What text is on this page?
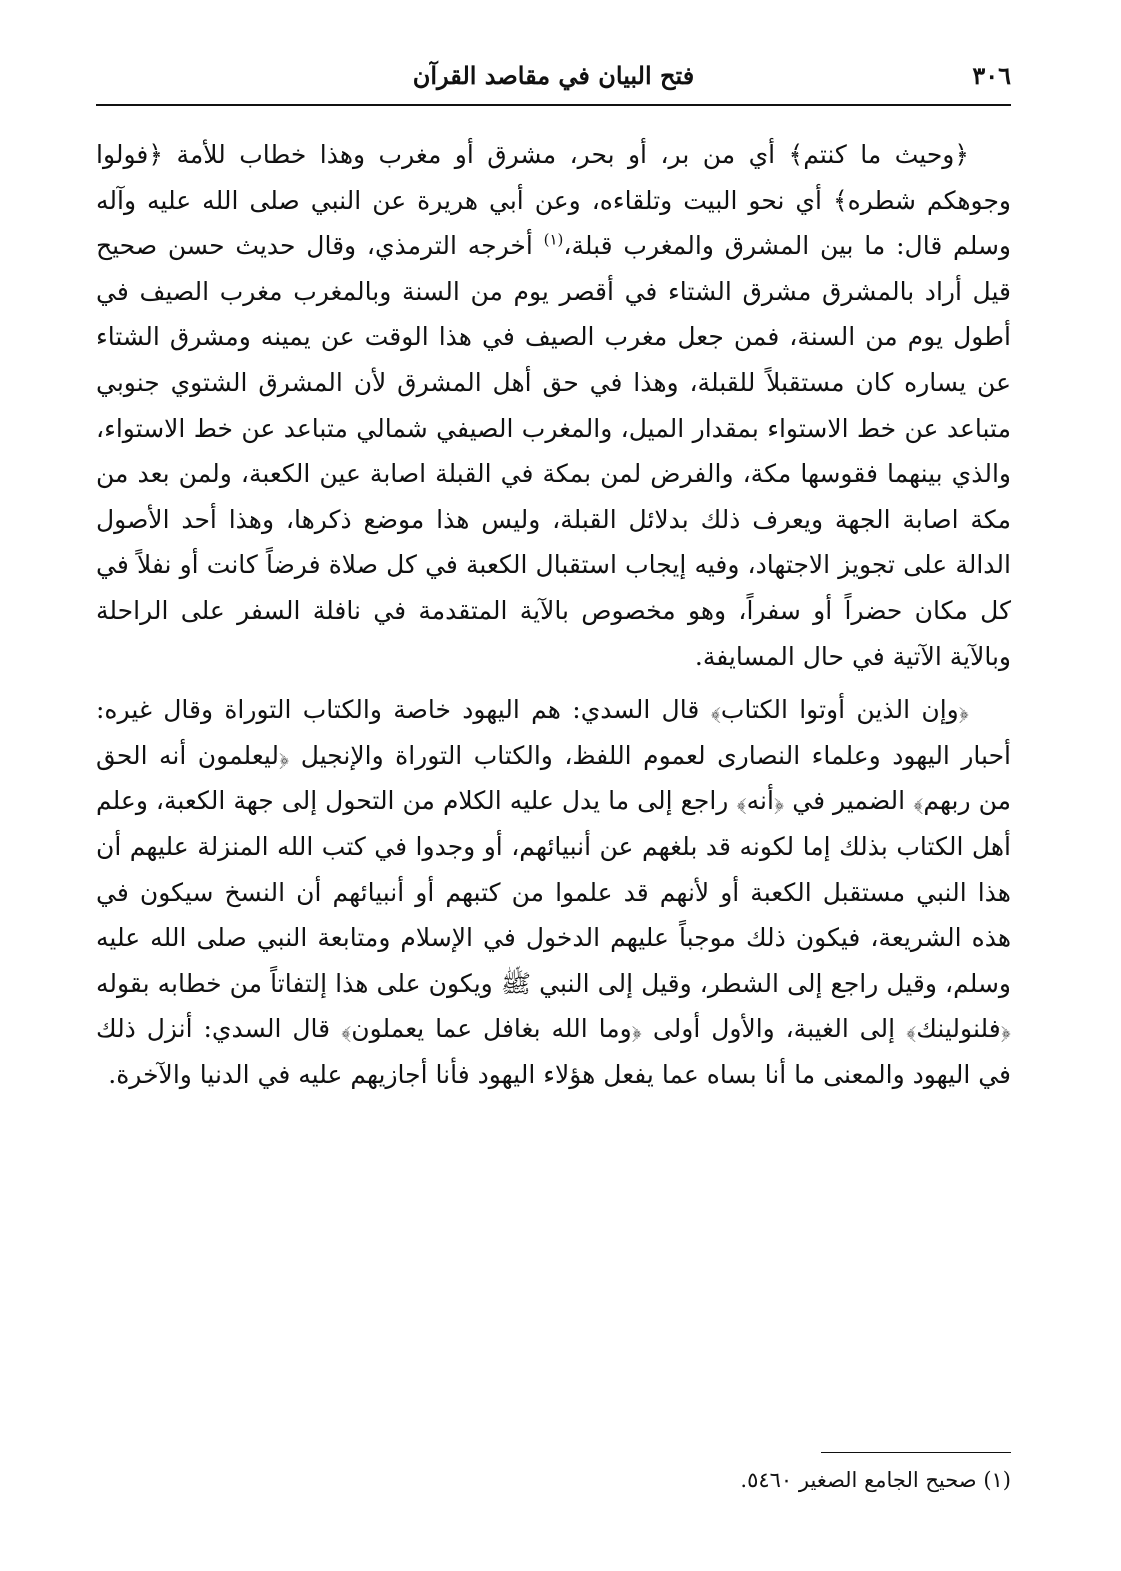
٣٠٦
فتح البيان في مقاصد القرآن

﴿وحيث ما كنتم﴾ أي من بر، أو بحر، مشرق أو مغرب وهذا خطاب للأمة ﴿فولوا وجوهكم شطره﴾ أي نحو البيت وتلقاءه، وعن أبي هريرة عن النبي صلى الله عليه وآله وسلم قال: ما بين المشرق والمغرب قبلة،$^{(١)}$ أخرجه الترمذي، وقال حديث حسن صحيح قيل أراد بالمشرق مشرق الشتاء في أقصر يوم من السنة وبالمغرب مغرب الصيف في أطول يوم من السنة، فمن جعل مغرب الصيف في هذا الوقت عن يمينه ومشرق الشتاء عن يساره كان مستقبلاً للقبلة، وهذا في حق أهل المشرق لأن المشرق الشتوي جنوبي متباعد عن خط الاستواء بمقدار الميل، والمغرب الصيفي شمالي متباعد عن خط الاستواء، والذي بينهما فقوسها مكة، والفرض لمن بمكة في القبلة اصابة عين الكعبة، ولمن بعد من مكة اصابة الجهة ويعرف ذلك بدلائل القبلة، وليس هذا موضع ذكرها، وهذا أحد الأصول الدالة على تجويز الاجتهاد، وفيه إيجاب استقبال الكعبة في كل صلاة فرضاً كانت أو نفلاً في كل مكان حضراً أو سفراً، وهو مخصوص بالآية المتقدمة في نافلة السفر على الراحلة وبالآية الآتية في حال المسايفة.

﴿وإن الذين أوتوا الكتاب﴾ قال السدي: هم اليهود خاصة والكتاب التوراة وقال غيره: أحبار اليهود وعلماء النصارى لعموم اللفظ، والكتاب التوراة والإنجيل ﴿ليعلمون أنه الحق من ربهم﴾ الضمير في ﴿أنه﴾ راجع إلى ما يدل عليه الكلام من التحول إلى جهة الكعبة، وعلم أهل الكتاب بذلك إما لكونه قد بلغهم عن أنبيائهم، أو وجدوا في كتب الله المنزلة عليهم أن هذا النبي مستقبل الكعبة أو لأنهم قد علموا من كتبهم أو أنبيائهم أن النسخ سيكون في هذه الشريعة، فيكون ذلك موجباً عليهم الدخول في الإسلام ومتابعة النبي صلى الله عليه وسلم، وقيل راجع إلى الشطر، وقيل إلى النبي ﷺ ويكون على هذا إلتفاتاً من خطابه بقوله ﴿فلنولينك﴾ إلى الغيبة، والأول أولى ﴿وما الله بغافل عما يعملون﴾ قال السدي: أنزل ذلك في اليهود والمعنى ما أنا بساه عما يفعل هؤلاء اليهود فأنا أجازيهم عليه في الدنيا والآخرة.

(١) صحيح الجامع الصغير ٥٤٦٠.
